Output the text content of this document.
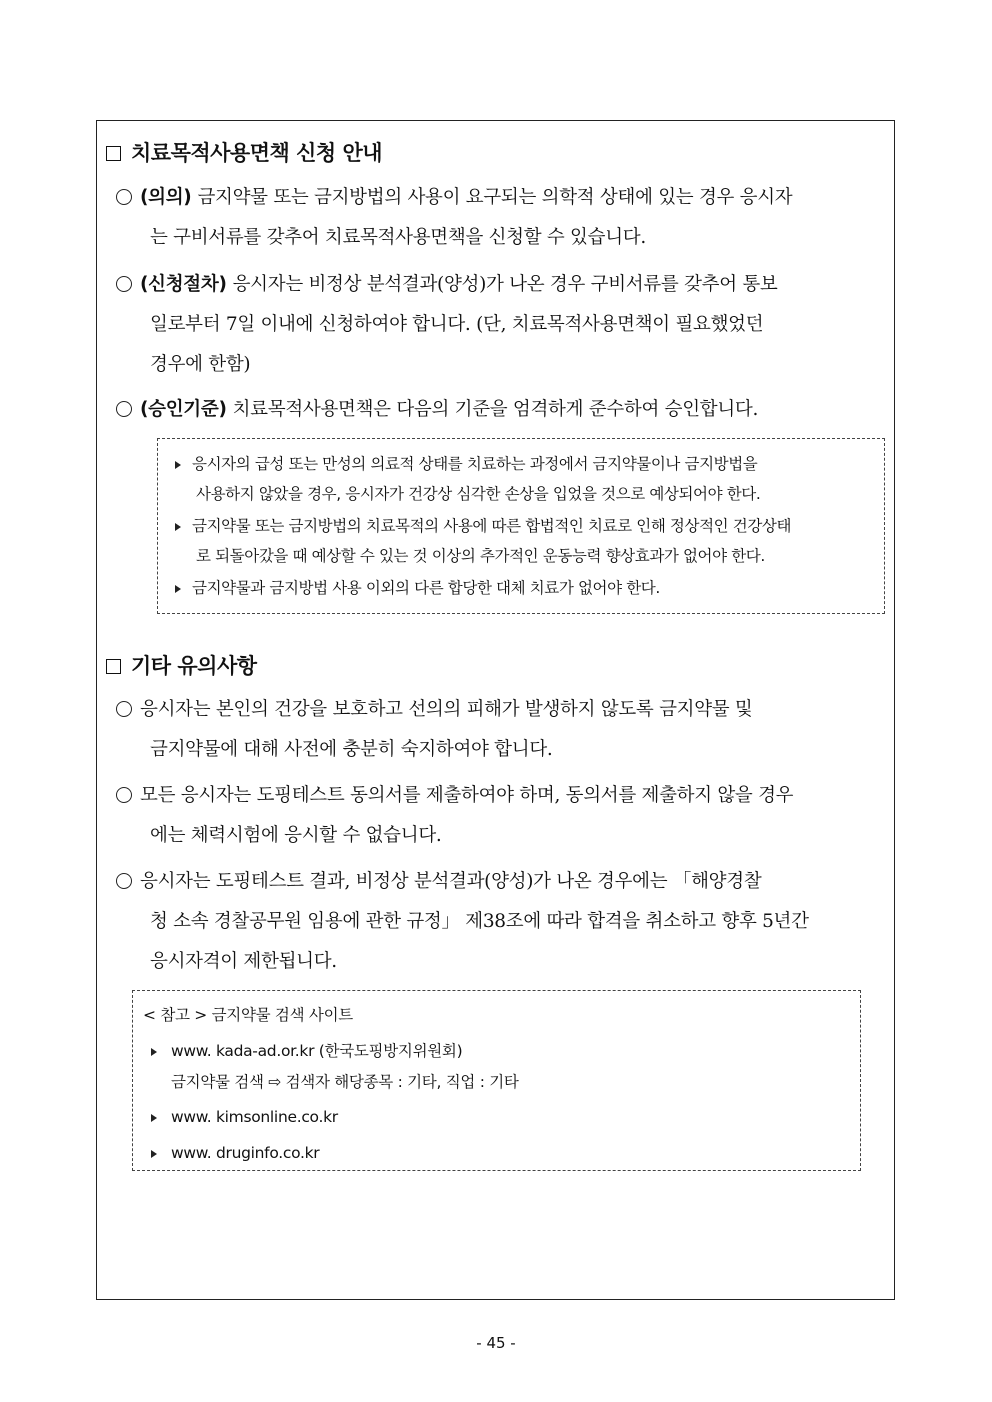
치료목적사용면책 신청 안내
(의의) 금지약물 또는 금지방법의 사용이 요구되는 의학적 상태에 있는 경우 응시자
는 구비서류를 갖추어 치료목적사용면책을 신청할 수 있습니다.
(신청절차) 응시자는 비정상 분석결과(양성)가 나온 경우 구비서류를 갖추어 통보
일로부터 7일 이내에 신청하여야 합니다. (단, 치료목적사용면책이 필요했었던
경우에 한함)
(승인기준) 치료목적사용면책은 다음의 기준을 엄격하게 준수하여 승인합니다.
응시자의 급성 또는 만성의 의료적 상태를 치료하는 과정에서 금지약물이나 금지방법을
사용하지 않았을 경우, 응시자가 건강상 심각한 손상을 입었을 것으로 예상되어야 한다.
금지약물 또는 금지방법의 치료목적의 사용에 따른 합법적인 치료로 인해 정상적인 건강상태
로 되돌아갔을 때 예상할 수 있는 것 이상의 추가적인 운동능력 향상효과가 없어야 한다.
금지약물과 금지방법 사용 이외의 다른 합당한 대체 치료가 없어야 한다.
기타 유의사항
응시자는 본인의 건강을 보호하고 선의의 피해가 발생하지 않도록 금지약물 및
금지약물에 대해 사전에 충분히 숙지하여야 합니다.
모든 응시자는 도핑테스트 동의서를 제출하여야 하며, 동의서를 제출하지 않을 경우
에는 체력시험에 응시할 수 없습니다.
응시자는 도핑테스트 결과, 비정상 분석결과(양성)가 나온 경우에는 「해양경찰
청 소속 경찰공무원 임용에 관한 규정」 제38조에 따라 합격을 취소하고 향후 5년간
응시자격이 제한됩니다.
< 참고 > 금지약물 검색 사이트
www. kada-ad.or.kr (한국도핑방지위원회)
금지약물 검색 ⇨ 검색자 해당종목 : 기타, 직업 : 기타
www. kimsonline.co.kr
www. druginfo.co.kr
- 45 -
